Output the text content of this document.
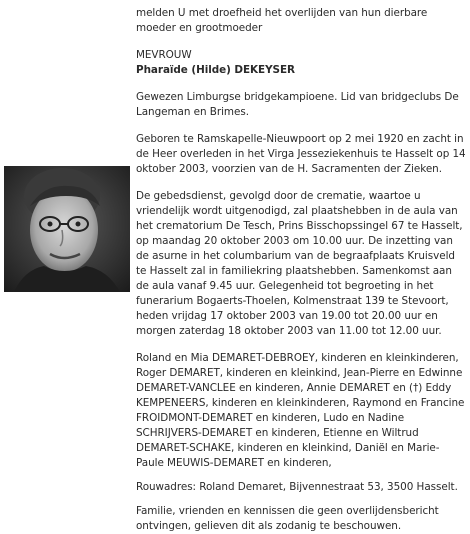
melden U met droefheid het overlijden van hun dierbare moeder en grootmoeder

MEVROUW

Pharaïde (Hilde) DEKEYSER

Gewezen Limburgse bridgekampioene. Lid van bridgeclubs De Langeman en Brimes.

Geboren te Ramskapelle-Nieuwpoort op 2 mei 1920 en zacht in de Heer overleden in het Virga Jesseziekenhuis te Hasselt op 14 oktober 2003, voorzien van de H. Sacramenten der Zieken.

De gebedsdienst, gevolgd door de crematie, waartoe u vriendelijk wordt uitgenodigd, zal plaatshebben in de aula van het crematorium De Tesch, Prins Bisschopssingel 67 te Hasselt, op maandag 20 oktober 2003 om 10.00 uur. De inzetting van de asurne in het columbarium van de begraafplaats Kruisveld te Hasselt zal in familiekring plaatshebben. Samenkomst aan de aula vanaf 9.45 uur. Gelegenheid tot begroeting in het funerarium Bogaerts-Thoelen, Kolmenstraat 139 te Stevoort, heden vrijdag 17 oktober 2003 van 19.00 tot 20.00 uur en morgen zaterdag 18 oktober 2003 van 11.00 tot 12.00 uur.

Roland en Mia DEMARET-DEBROEY, kinderen en kleinkinderen, Roger DEMARET, kinderen en kleinkind, Jean-Pierre en Edwinne DEMARET-VANCLEE en kinderen, Annie DEMARET en (†) Eddy KEMPENEERS, kinderen en kleinkinderen, Raymond en Francine FROIDMONT-DEMARET en kinderen, Ludo en Nadine SCHRIJVERS-DEMARET en kinderen, Etienne en Wiltrud DEMARET-SCHAKE, kinderen en kleinkind, Daniël en Marie-Paule MEUWIS-DEMARET en kinderen,

Rouwadres: Roland Demaret, Bijvennestraat 53, 3500 Hasselt.

Familie, vrienden en kennissen die geen overlijdensbericht ontvingen, gelieven dit als zodanig te beschouwen.
